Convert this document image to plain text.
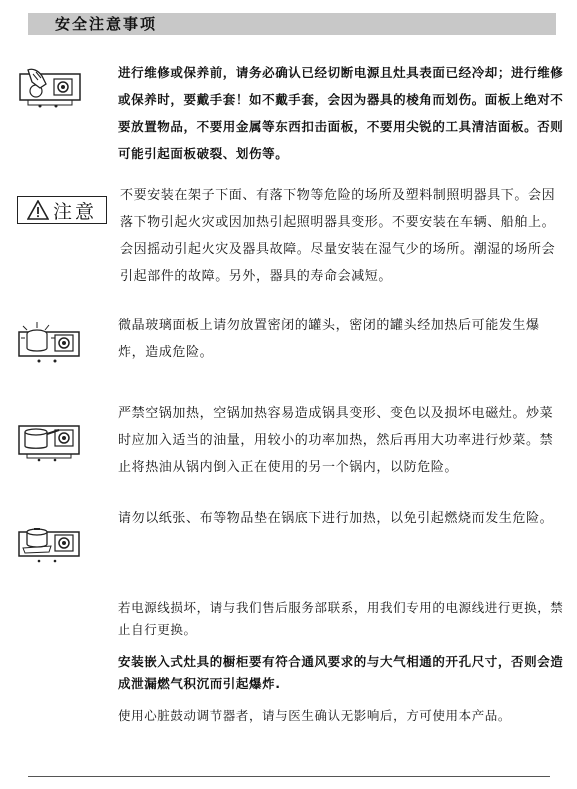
安全注意事项
进行维修或保养前，请务必确认已经切断电源且灶具表面已经冷却；进行维修或保养时，要戴手套！如不戴手套，会因为器具的棱角而划伤。面板上绝对不要放置物品，不要用金属等东西扣击面板，不要用尖锐的工具清洁面板。否则可能引起面板破裂、划伤等。
注意
不要安装在架子下面、有落下物等危险的场所及塑料制照明器具下。会因落下物引起火灾或因加热引起照明器具变形。不要安装在车辆、船舶上。会因摇动引起火灾及器具故障。尽量安装在湿气少的场所。潮湿的场所会引起部件的故障。另外，器具的寿命会减短。
微晶玻璃面板上请勿放置密闭的罐头，密闭的罐头经加热后可能发生爆炸，造成危险。
严禁空锅加热，空锅加热容易造成锅具变形、变色以及损坏电磁灶。炒菜时应加入适当的油量，用较小的功率加热，然后再用大功率进行炒菜。禁止将热油从锅内倒入正在使用的另一个锅内，以防危险。
请勿以纸张、布等物品垫在锅底下进行加热，以免引起燃烧而发生危险。
若电源线损坏，请与我们售后服务部联系，用我们专用的电源线进行更换，禁止自行更换。
安装嵌入式灶具的橱柜要有符合通风要求的与大气相通的开孔尺寸，否则会造成泄漏燃气积沉而引起爆炸.
使用心脏鼓动调节器者，请与医生确认无影响后，方可使用本产品。
